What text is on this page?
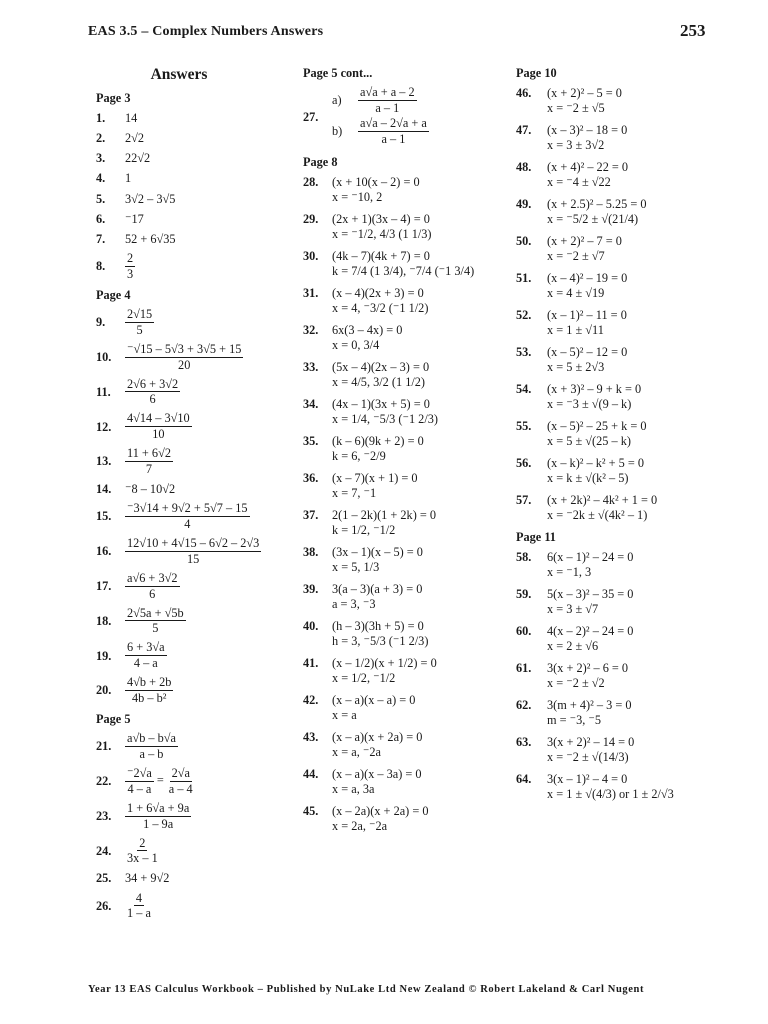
EAS 3.5 – Complex Numbers Answers	253
Answers
Page 3
1.	14
2.	2√2
3.	22√2
4.	1
5.	3√2 – 3√5
6.	⁻17
7.	52 + 6√35
8.	$\frac{2}{3}$
Page 4
9.	$\frac{2√15}{5}$
10.	$\frac{^-√15 - 5√3 + 3√5 + 15}{20}$
11.	$\frac{2√6 + 3√2}{6}$
12.	$\frac{4√14 - 3√10}{10}$
13.	$\frac{11 + 6√2}{7}$
14.	⁻8 – 10√2
15.	$\frac{^-3√14 + 9√2 + 5√7 - 15}{4}$
16.	$\frac{12√10 + 4√15 - 6√2 - 2√3}{15}$
17.	$\frac{a√6 + 3√2}{6}$
18.	$\frac{2√5a + √5b}{5}$
19.	$\frac{6 + 3√a}{4 - a}$
20.	$\frac{4√b + 2b}{\text{4b – b²}}$
Page 5
21.	$\frac{a√b - b√a}{a - b}$
22.	$\frac{^-2√a}{4 - a} = \frac{2√a}{a - 4}$
23.	$\frac{1 + 6√a + 9a}{1 - 9a}$
24.	$\frac{2}{3x - 1}$
25.	34 + 9√2
26.	$\frac{4}{1 - a}$
Page 5 cont...
27.
a)	$\frac{a√a + a - 2}{a - 1}$
b)	$\frac{a√a - 2√a + a}{a - 1}$
Page 8
28.	(x + 10(x – 2) = 0
x = ⁻10, 2
29.	(2x + 1)(3x – 4) = 0
x = ⁻1/2, 4/3 (1 1/3)
30.	(4k – 7)(4k + 7) = 0
k = 7/4 (1 3/4), ⁻7/4 (⁻1 3/4)
31.	(x – 4)(2x + 3) = 0
x = 4, ⁻3/2 (⁻1 1/2)
32.	6x(3 – 4x) = 0
x = 0, 3/4
33.	(5x – 4)(2x – 3) = 0
x = 4/5, 3/2 (1 1/2)
34.	(4x – 1)(3x + 5) = 0
x = 1/4, ⁻5/3 (⁻1 2/3)
35.	(k – 6)(9k + 2) = 0
k = 6, ⁻2/9
36.	(x – 7)(x + 1) = 0
x = 7, ⁻1
37.	2(1 – 2k)(1 + 2k) = 0
k = 1/2, ⁻1/2
38.	(3x – 1)(x – 5) = 0
x = 5, 1/3
39.	3(a – 3)(a + 3) = 0
a = 3, ⁻3
40.	(h – 3)(3h + 5) = 0
h = 3, ⁻5/3 (⁻1 2/3)
41.	(x – 1/2)(x + 1/2) = 0
x = 1/2, ⁻1/2
42.	(x – a)(x – a) = 0
x = a
43.	(x – a)(x + 2a) = 0
x = a, ⁻2a
44.	(x – a)(x – 3a) = 0
x = a, 3a
45.	(x – 2a)(x + 2a) = 0
x = 2a, ⁻2a
Page 10
46.	(x + 2)² – 5 = 0
x = ⁻2 ± √5
47.	(x – 3)² – 18 = 0
x = 3 ± 3√2
48.	(x + 4)² – 22 = 0
x = ⁻4 ± √22
49.	(x + 2.5)² – 5.25 = 0
x = ⁻5/2 ± √(21/4)
50.	(x + 2)² – 7 = 0
x = ⁻2 ± √7
51.	(x – 4)² – 19 = 0
x = 4 ± √19
52.	(x – 1)² – 11 = 0
x = 1 ± √11
53.	(x – 5)² – 12 = 0
x = 5 ± 2√3
54.	(x + 3)² – 9 + k = 0
x = ⁻3 ± √(9 – k)
55.	(x – 5)² – 25 + k = 0
x = 5 ± √(25 – k)
56.	(x – k)² – k² + 5 = 0
x = k ± √(k² – 5)
57.	(x + 2k)² – 4k² + 1 = 0
x = ⁻2k ± √(4k² – 1)
Page 11
58.	6(x – 1)² – 24 = 0
x = ⁻1, 3
59.	5(x – 3)² – 35 = 0
x = 3 ± √7
60.	4(x – 2)² – 24 = 0
x = 2 ± √6
61.	3(x + 2)² – 6 = 0
x = ⁻2 ± √2
62.	3(m + 4)² – 3 = 0
m = ⁻3, ⁻5
63.	3(x + 2)² – 14 = 0
x = ⁻2 ± √(14/3)
64.	3(x – 1)² – 4 = 0
x = 1 ± √(4/3) or 1 ± 2/√3
Year 13 EAS Calculus Workbook – Published by NuLake Ltd New Zealand © Robert Lakeland & Carl Nugent
